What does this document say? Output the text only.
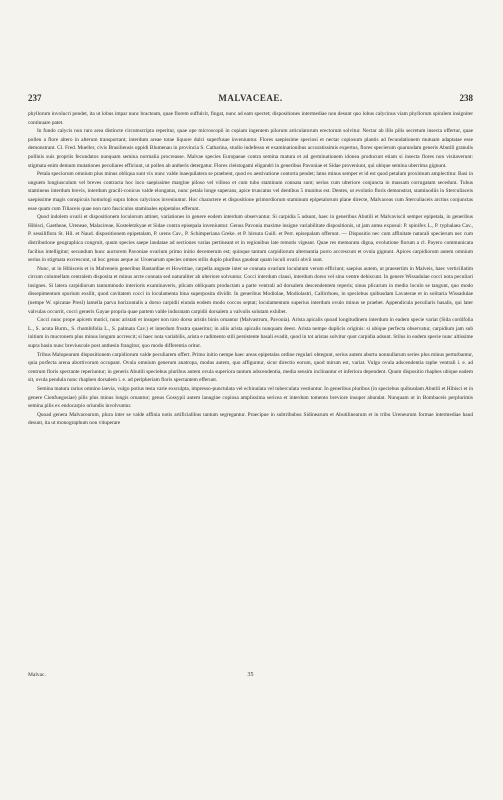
237	MALVACEAE.	238

phyllorum involucri pendet, ita ut lobus impar nunc bracteam, quae florem suffulcit, fingat, nunc ad eam spectet; dispositiones intermediae non desunt quo lobus calycinus viam phyllorum spiralem insigniter continuare patet.

In fundo calycis non raro area distincte circumscripta reperitur, quae ope microscopii in copiam ingentem pilorum articulatorum erectorum solvitur. Nectar ab illis pilis secretum insecta offertur, quae pollen a flore altero in alterum transportant; interdum areae totae liquore dulci superfusae inveniuntur. Flores saepissime speciosi et nectar copiosum plantis ad fecundationem mutuam adaptatae esse demonstrant. Cl. Fred. Mueller, civis Brasiliensis oppidi Blumenau in provincia S. Catharina, studio indefesso et examinationibus accuratissimis expertus, flores specierum quarundam generis Abutili granulis pollinis suis propriis fecundatos nunquam semina normalia procreasse. Malvae species Europaeae contra semina matura et ad germinationem idonea producunt etiam si insecta flores non visitaverunt: stigmata enim demum mutationes peculiares efficiunt, ut pollen ab antheris detergatur. Flores cleistogami eligandri in generibus Pavoniae et Sidae proveniunt, qui ubique semina uberrima gignunt.

Petala speciorum omnium plus minus obliqua sunt vix nunc valde inaequilatera se praebent, quod ex aestivatione contorta pendet; latus minus semper et id est quod petalum proximum amplectitur. Basi in unguem longiusculum vel breves contracta hoc loco saepissime margine piloso vel villoso et cum tubo staminum connata sunt; serius cum ulteriore conjuncta in massam corrugatam secedunt. Tubus stamineus interdum brevis, interdum gracili-conicus valde elongatus, nunc petala longe superans, apice truncatus vel dentibus 5 munitus est. Dentes, ut evolutio floris demonstrat, staminodiis in Sterculiaceis saepissime magis conspicuis homologi supra lobos calycinos inveniuntur. Hoc charactere et dispositione primordiorum staminum epipetalorum plane directe, Malvaceas cum Sterculiaceis arctius conjunctas esse quam cum Tiliaceis quae non raro fasciculos staminales epipetalos efferunt.

Quod indolem ovarii et dispositionem loculorum attinet, variationes in genere eodem interdum observantur. Si carpidia 5 adsunt, haec in generibus Abutili et Malvaviscii semper epipetala, in generibus Hibisci, Gaetheae, Ureneae, Malacireae, Kosteletzkyae et Sidae contra episepala inveniuntur. Genus Pavonia maxime insigne variabilitate dispositionis, ut jam antea exposui: P. spinifex L., P. typhalaea Cav., P. sessiliflora St. Hil. et Naud. dispositionem epipetalam, P. urens Cav., P. Schimperiana Greke. et P. hirsuta Guill. et Perr. episepalam offerunt. — Dispositio nec cum affinitate naturali specierum nec cum distributione geographica congruit, quum species saepe laudatae ad sectiones varias pertineant et in regionibus late remotis vigeant. Quae res memoratu digna, evolutione florum a cl. Payero communicata facilius intelligitur; secundum hunc auctorem Pavoniae ovarium primo initio decemerum est; quinque tantum carpidiorum alternantia porro accrescunt et ovula gignunt. Apices carpidiorum autem omnium serius in stigmata excrescunt, ut hoc genus aeque ac Uroenarum species omnes stilis duplo pluribus gaudeat quam loculi ovarii obvii sunt.

Nunc, ut in Hibisceis et in Malveneis generibus Bastardiae et Howittiae, carpella anguste inter se connata ovarium loculatum verum efficiunt; saepius autem, ut praesertim in Malveis, haec verticillatim circum columellam centralem disposita et minus arcte connata sed naturaliter ab ulteriore solvuntur. Cocci interdum clausi, interdum dorso vel sinu ventre dehiscunt. In genere Wissadulae cocci nota peculiari insignes. Si latera carpidiorum tantummodo interioris examinaveris, plicam obliquam productam a parte ventrali ad dorsalem descendentem reperis; sinus plicarum in medio loculo se tangunt, quo modo dissepimentum spurium exsilit, quod cavitatem cocci in loculamenta bina superposita dividit. In generibus Modiolae, Modiolastri, Callirrhoes, in speciebus quibusdam Lavaterae et in solitaria Wissadulae (nempe W. spicatae Presl) lamella parva horizontalis a dorso carpidii eiunda eodem modo coccos septat; loculamentum superius interdum ovulo minus se praebet. Appendicula peculiaris basalis, qui later valvulas occurrit, cocci generis Gayae propria quae partem valde induratam carpidii dorsalem a valvulis solutam exhibet.

Cocci nunc prope apicem mutici, nunc aristati et insuper non raro dorso aristis binis ornantur (Malvastrum, Pavonia). Arista apicalis quoad longitudinem interdum in eadem specie variat (Sida cordifolia L., S. acuta Burm., S. rhombifolia L., S. palmata Cav.) et interdum frustra quaeritur; in aliis arista apicalis nunquam deest. Arista nempe duplicis originis: si ubique perfecta observatur, carpidium jam sub initium in mucronem plus minus longum accrescit; si haec nota variabilis, arista e radimento stili persistente basali evadit, quod in tot aristas solvitur quot carpidia adsunt. Stilus in eadem specie nunc altissime supra basin nunc breviuscule post anthesin frangitur, quo modo differentia oritur.

Tribus Malopearum dispositionem carpidiorum valde peculiarem offert. Primo initio nempe haec areas epipetalas ordine regulari obtegunt, serius autem abortu nonnullarum series plus minus perturbantur, quia porfecta arena abortivorum occupant. Ovula omnium generum anatropa, modus autem, quo affiguntur, sicut directio eorum, quod mirum est, variat. Vulgo ovula adscendentia raphe ventrali i. e. ad centrum floris spectante reperiuntur; in generis Abutili speciebus pluribus autem ovula superiora tantum adscendentia, media sensim inclinantur et inferiora dependent. Quum dispositio rhaphes ubique eadem sit, ovula pendula nunc rhaphen dorsalem i. e. ad peripheriam floris spectantem efferunt.

Semina matura rarius omnino laevia, vulgo potius testa varie exsculpta, impresso-punctulata vel echinulata vel tuberculata vestiuntur. In generibus pluribus (in speciebus quibusdam Abutili et Hibisci et in genere Cienfuegosiae) pilis plus minus longis ornantur; genus Gossypii autem lanugine copiosa amplissima sericea et interdum tomento breviore insuper abundat. Nunquam ut in Bombaceis perplurimis semina pilis ex endocarpio oriundis involvuntur.

Quoad genera Malvacearum, plura inter se valde affinia notis artificialibus tantum segregantur. Praecipue in subtribubus Sidinearum et Abutilinearum et in tribu Ureneurum formae intermediae haud desunt, ita ut monographum non vituperare

Malvac.	35
